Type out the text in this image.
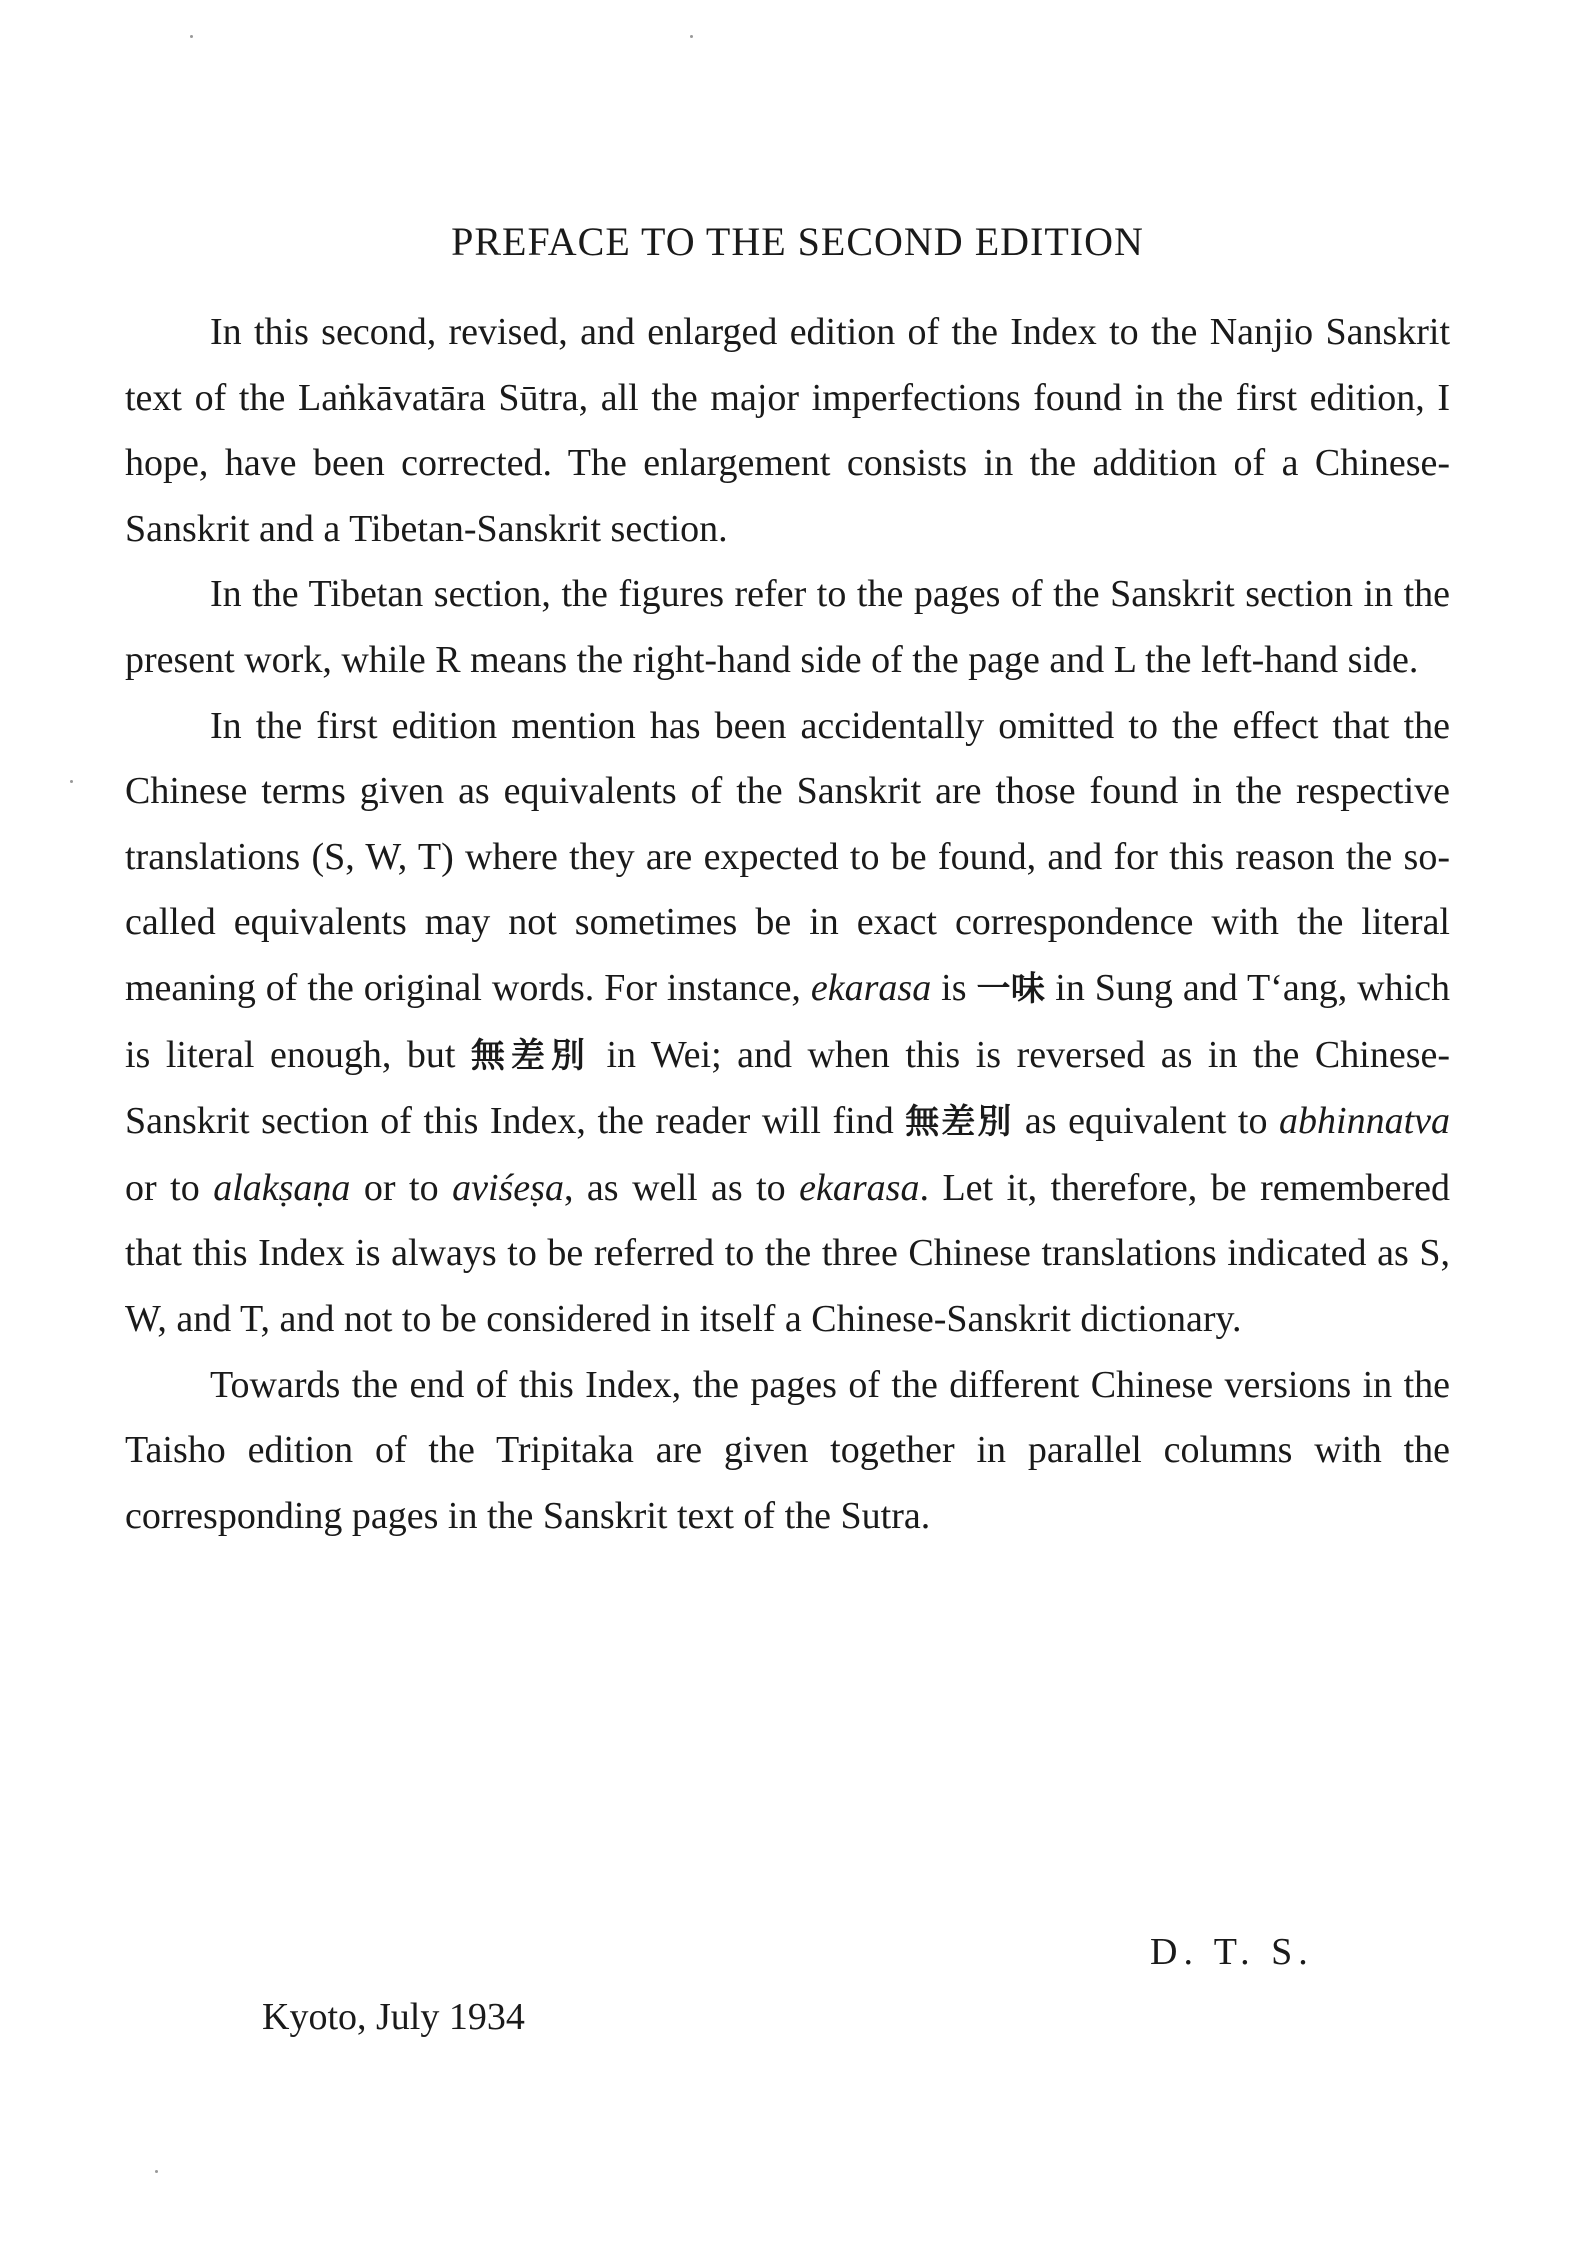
PREFACE TO THE SECOND EDITION

In this second, revised, and enlarged edition of the Index to the Nanjio Sanskrit text of the Laṅkāvatāra Sūtra, all the major imperfections found in the first edition, I hope, have been corrected. The enlargement consists in the addition of a Chinese-Sanskrit and a Tibetan-Sanskrit section.

In the Tibetan section, the figures refer to the pages of the Sanskrit section in the present work, while R means the right-hand side of the page and L the left-hand side.

In the first edition mention has been accidentally omitted to the effect that the Chinese terms given as equivalents of the Sanskrit are those found in the respective translations (S, W, T) where they are expected to be found, and for this reason the so-called equivalents may not sometimes be in exact correspondence with the literal meaning of the original words. For instance, ekarasa is 一味 in Sung and T‘ang, which is literal enough, but 無差別 in Wei; and when this is reversed as in the Chinese-Sanskrit section of this Index, the reader will find 無差別 as equivalent to abhinnatva or to alakṣaṇa or to aviśeṣa, as well as to ekarasa. Let it, therefore, be remembered that this Index is always to be referred to the three Chinese translations indicated as S, W, and T, and not to be considered in itself a Chinese-Sanskrit dictionary.

Towards the end of this Index, the pages of the different Chinese versions in the Taisho edition of the Tripitaka are given together in parallel columns with the corresponding pages in the Sanskrit text of the Sutra.

D. T. S.
Kyoto, July 1934
